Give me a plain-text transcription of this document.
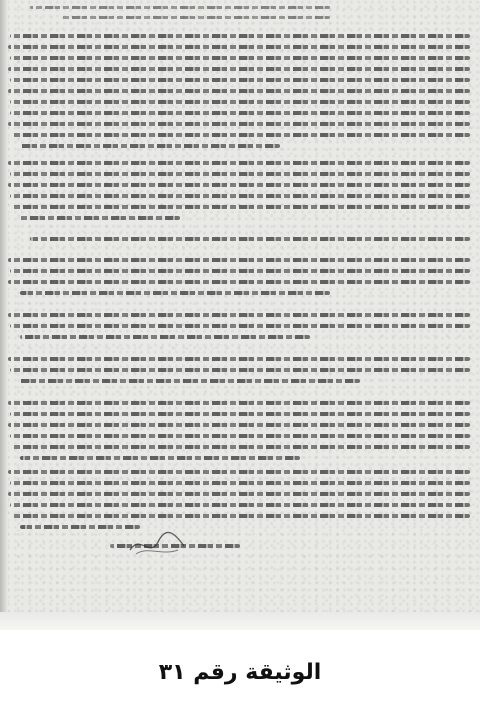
الوثيقة رقم ٣١
